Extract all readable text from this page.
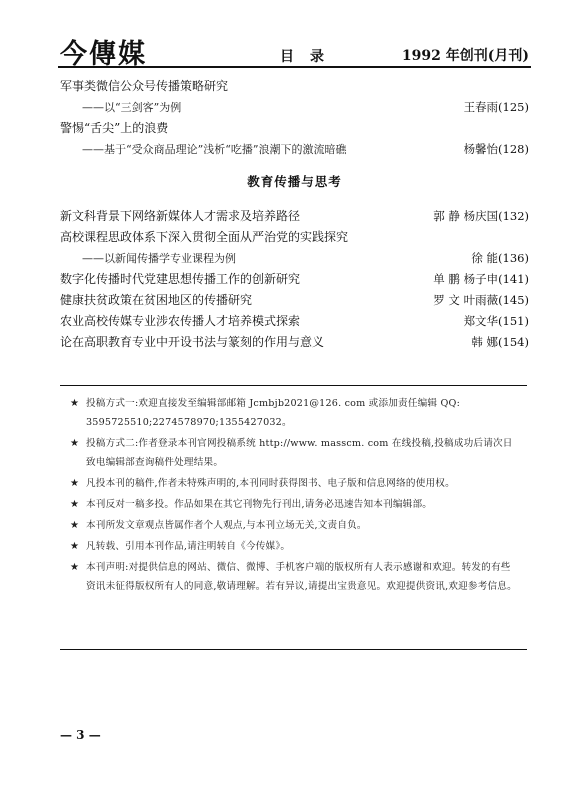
今傳媒	目录	1992 年创刊(月刊)
军事类微信公众号传播策略研究
——以“三剑客”为例	王春雨(125)
警惕“舌尖”上的浪费
——基于“受众商品理论”浅析“吃播”浪潮下的激流暗礁	杨馨怡(128)
教育传播与思考
新文科背景下网络新媒体人才需求及培养路径	郭 静 杨庆国(132)
高校课程思政体系下深入贯彻全面从严治党的实践探究
——以新闻传播学专业课程为例	徐 能(136)
数字化传播时代党建思想传播工作的创新研究	单 鹏 杨子申(141)
健康扶贫政策在贫困地区的传播研究	罗 文 叶雨薇(145)
农业高校传媒专业涉农传播人才培养模式探索	郑文华(151)
论在高职教育专业中开设书法与篆刻的作用与意义	韩 娜(154)
★ 投稿方式一:欢迎直接发至编辑部邮箱 Jcmbjb2021@126. com 或添加责任编辑 QQ: 3595725510;2274578970;1355427032。
★ 投稿方式二:作者登录本刊官网投稿系统 http://www. masscm. com 在线投稿,投稿成功后请次日致电编辑部查询稿件处理结果。
★ 凡投本刊的稿件,作者未特殊声明的,本刊同时获得图书、电子版和信息网络的使用权。
★ 本刊反对一稿多投。作品如果在其它刊物先行刊出,请务必迅速告知本刊编辑部。
★ 本刊所发文章观点皆属作者个人观点,与本刊立场无关,文责自负。
★ 凡转载、引用本刊作品,请注明转自《今传媒》。
★ 本刊声明:对提供信息的网站、微信、微博、手机客户端的版权所有人表示感谢和欢迎。转发的有些资讯未征得版权所有人的同意,敬请理解。若有异议,请提出宝贵意见。欢迎提供资讯,欢迎参考信息。
— 3 —
